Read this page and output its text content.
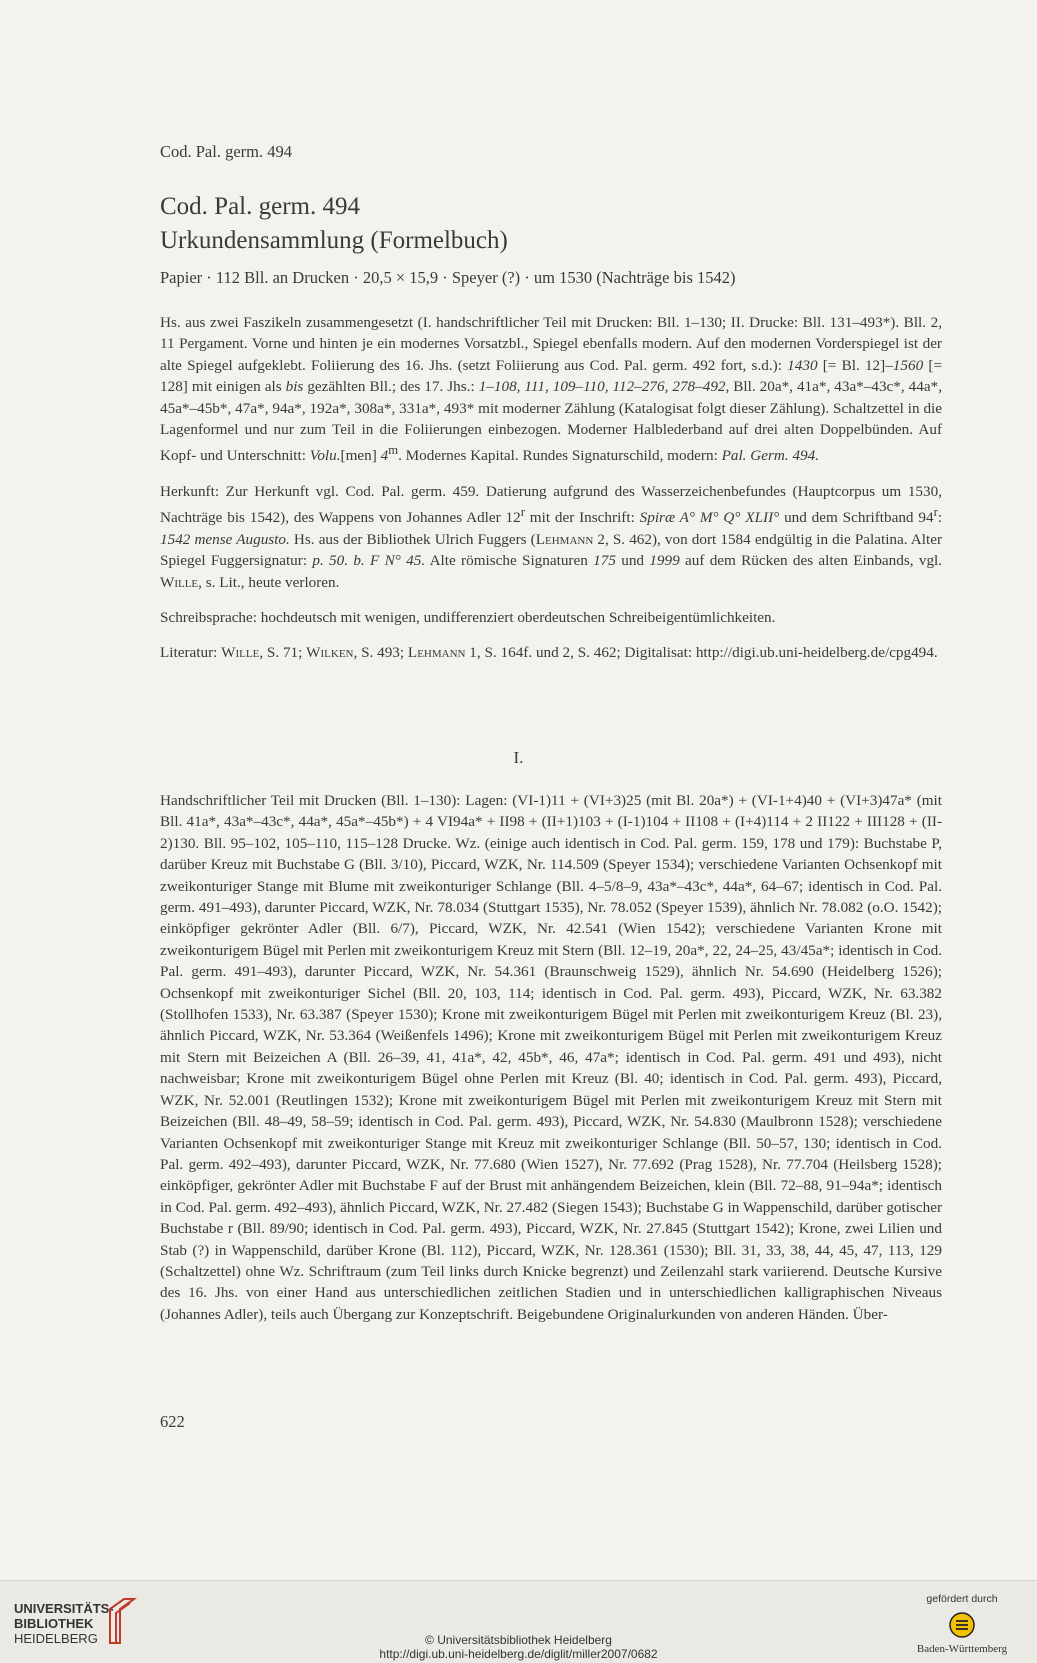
Cod. Pal. germ. 494
Cod. Pal. germ. 494
Urkundensammlung (Formelbuch)
Papier · 112 Bll. an Drucken · 20,5 × 15,9 · Speyer (?) · um 1530 (Nachträge bis 1542)

Hs. aus zwei Faszikeln zusammengesetzt (I. handschriftlicher Teil mit Drucken: Bll. 1–130; II. Drucke: Bll. 131–493*). Bll. 2, 11 Pergament. Vorne und hinten je ein modernes Vorsatzbl., Spiegel ebenfalls modern. Auf den modernen Vorderspiegel ist der alte Spiegel aufgeklebt. Foliierung des 16. Jhs. (setzt Foliierung aus Cod. Pal. germ. 492 fort, s.d.): 1430 [= Bl. 12]–1560 [= 128] mit einigen als bis gezählten Bll.; des 17. Jhs.: 1–108, 111, 109–110, 112–276, 278–492, Bll. 20a*, 41a*, 43a*–43c*, 44a*, 45a*–45b*, 47a*, 94a*, 192a*, 308a*, 331a*, 493* mit moderner Zählung (Katalogisat folgt dieser Zählung). Schaltzettel in die Lagenformel und nur zum Teil in die Foliierungen einbezogen. Moderner Halblederband auf drei alten Doppelbünden. Auf Kopf- und Unterschnitt: Volu.[men] 4$^m$. Modernes Kapital. Rundes Signaturschild, modern: Pal. Germ. 494.

Herkunft: Zur Herkunft vgl. Cod. Pal. germ. 459. Datierung aufgrund des Wasserzeichenbefundes (Hauptcorpus um 1530, Nachträge bis 1542), des Wappens von Johannes Adler 12$^r$ mit der Inschrift: Spiræ A° M° Q° XLII° und dem Schriftband 94$^r$: 1542 mense Augusto. Hs. aus der Bibliothek Ulrich Fuggers (Lehmann 2, S. 462), von dort 1584 endgültig in die Palatina. Alter Spiegel Fuggersignatur: p. 50. b. F N° 45. Alte römische Signaturen 175 und 1999 auf dem Rücken des alten Einbands, vgl. Wille, s. Lit., heute verloren.

Schreibsprache: hochdeutsch mit wenigen, undifferenziert oberdeutschen Schreibeigentümlichkeiten.

Literatur: Wille, S. 71; Wilken, S. 493; Lehmann 1, S. 164f. und 2, S. 462; Digitalisat: http://digi.ub.uni-heidelberg.de/cpg494.

I.

Handschriftlicher Teil mit Drucken (Bll. 1–130): Lagen: (VI-1)11 + (VI+3)25 (mit Bl. 20a*) + (VI-1+4)40 + (VI+3)47a* (mit Bll. 41a*, 43a*–43c*, 44a*, 45a*–45b*) + 4 VI94a* + II98 + (II+1)103 + (I-1)104 + II108 + (I+4)114 + 2 II122 + III128 + (II-2)130. Bll. 95–102, 105–110, 115–128 Drucke. Wz. (einige auch identisch in Cod. Pal. germ. 159, 178 und 179): Buchstabe P, darüber Kreuz mit Buchstabe G (Bll. 3/10), Piccard, WZK, Nr. 114.509 (Speyer 1534); verschiedene Varianten Ochsenkopf mit zweikonturiger Stange mit Blume mit zweikonturiger Schlange (Bll. 4–5/8–9, 43a*–43c*, 44a*, 64–67; identisch in Cod. Pal. germ. 491–493), darunter Piccard, WZK, Nr. 78.034 (Stuttgart 1535), Nr. 78.052 (Speyer 1539), ähnlich Nr. 78.082 (o.O. 1542); einköpfiger gekrönter Adler (Bll. 6/7), Piccard, WZK, Nr. 42.541 (Wien 1542); verschiedene Varianten Krone mit zweikonturigem Bügel mit Perlen mit zweikonturigem Kreuz mit Stern (Bll. 12–19, 20a*, 22, 24–25, 43/45a*; identisch in Cod. Pal. germ. 491–493), darunter Piccard, WZK, Nr. 54.361 (Braunschweig 1529), ähnlich Nr. 54.690 (Heidelberg 1526); Ochsenkopf mit zweikonturiger Sichel (Bll. 20, 103, 114; identisch in Cod. Pal. germ. 493), Piccard, WZK, Nr. 63.382 (Stollhofen 1533), Nr. 63.387 (Speyer 1530); Krone mit zweikonturigem Bügel mit Perlen mit zweikonturigem Kreuz (Bl. 23), ähnlich Piccard, WZK, Nr. 53.364 (Weißenfels 1496); Krone mit zweikonturigem Bügel mit Perlen mit zweikonturigem Kreuz mit Stern mit Beizeichen A (Bll. 26–39, 41, 41a*, 42, 45b*, 46, 47a*; identisch in Cod. Pal. germ. 491 und 493), nicht nachweisbar; Krone mit zweikonturigem Bügel ohne Perlen mit Kreuz (Bl. 40; identisch in Cod. Pal. germ. 493), Piccard, WZK, Nr. 52.001 (Reutlingen 1532); Krone mit zweikonturigem Bügel mit Perlen mit zweikonturigem Kreuz mit Stern mit Beizeichen (Bll. 48–49, 58–59; identisch in Cod. Pal. germ. 493), Piccard, WZK, Nr. 54.830 (Maulbronn 1528); verschiedene Varianten Ochsenkopf mit zweikonturiger Stange mit Kreuz mit zweikonturiger Schlange (Bll. 50–57, 130; identisch in Cod. Pal. germ. 492–493), darunter Piccard, WZK, Nr. 77.680 (Wien 1527), Nr. 77.692 (Prag 1528), Nr. 77.704 (Heilsberg 1528); einköpfiger, gekrönter Adler mit Buchstabe F auf der Brust mit anhängendem Beizeichen, klein (Bll. 72–88, 91–94a*; identisch in Cod. Pal. germ. 492–493), ähnlich Piccard, WZK, Nr. 27.482 (Siegen 1543); Buchstabe G in Wappenschild, darüber gotischer Buchstabe r (Bll. 89/90; identisch in Cod. Pal. germ. 493), Piccard, WZK, Nr. 27.845 (Stuttgart 1542); Krone, zwei Lilien und Stab (?) in Wappenschild, darüber Krone (Bl. 112), Piccard, WZK, Nr. 128.361 (1530); Bll. 31, 33, 38, 44, 45, 47, 113, 129 (Schaltzettel) ohne Wz. Schriftraum (zum Teil links durch Knicke begrenzt) und Zeilenzahl stark variierend. Deutsche Kursive des 16. Jhs. von einer Hand aus unterschiedlichen zeitlichen Stadien und in unterschiedlichen kalligraphischen Niveaus (Johannes Adler), teils auch Übergang zur Konzeptschrift. Beigebundene Originalurkunden von anderen Händen. Über-

622
UNIVERSITÄTS-
BIBLIOTHEK
HEIDELBERG	© Universitätsbibliothek Heidelberg
http://digi.ub.uni-heidelberg.de/diglit/miller2007/0682
gefördert durch
Baden-Württemberg
